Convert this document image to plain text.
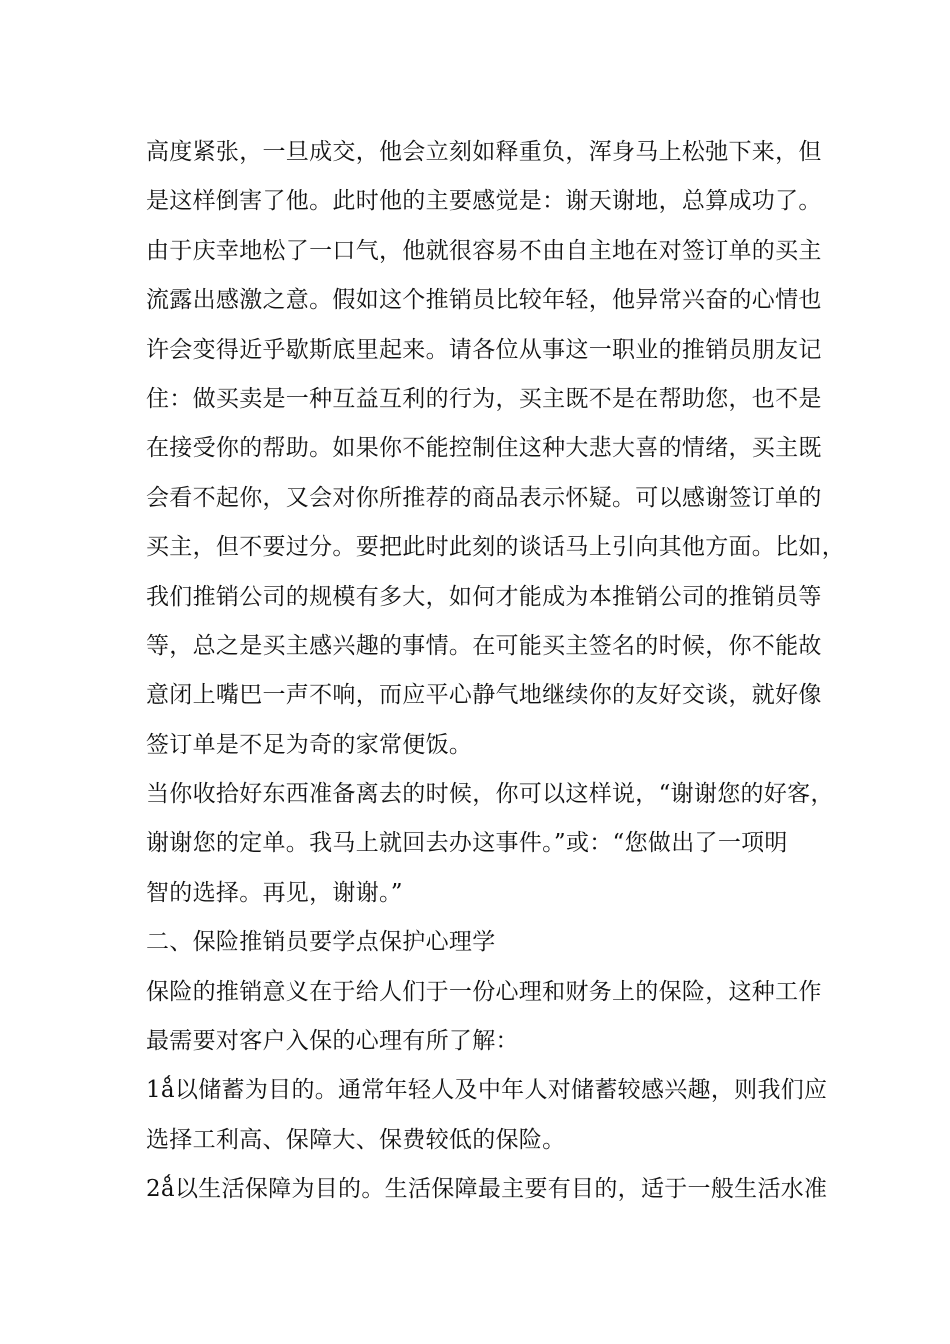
高度紧张，一旦成交，他会立刻如释重负，浑身马上松弛下来，但
是这样倒害了他。此时他的主要感觉是：谢天谢地，总算成功了。
由于庆幸地松了一口气，他就很容易不由自主地在对签订单的买主
流露出感激之意。假如这个推销员比较年轻，他异常兴奋的心情也
许会变得近乎歇斯底里起来。请各位从事这一职业的推销员朋友记
住：做买卖是一种互益互利的行为，买主既不是在帮助您，也不是
在接受你的帮助。如果你不能控制住这种大悲大喜的情绪，买主既
会看不起你，又会对你所推荐的商品表示怀疑。可以感谢签订单的
买主，但不要过分。要把此时此刻的谈话马上引向其他方面。比如，
我们推销公司的规模有多大，如何才能成为本推销公司的推销员等
等，总之是买主感兴趣的事情。在可能买主签名的时候，你不能故
意闭上嘴巴一声不响，而应平心静气地继续你的友好交谈，就好像
签订单是不足为奇的家常便饭。
当你收拾好东西准备离去的时候，你可以这样说，“谢谢您的好客，
谢谢您的定单。我马上就回去办这事件。”或：“您做出了一项明
智的选择。再见，谢谢。”
二、保险推销员要学点保护心理学
保险的推销意义在于给人们于一份心理和财务上的保险，这种工作
最需要对客户入保的心理有所了解：
1ǻ以储蓄为目的。通常年轻人及中年人对储蓄较感兴趣，则我们应
选择工利高、保障大、保费较低的保险。
2ǻ以生活保障为目的。生活保障最主要有目的，适于一般生活水准
